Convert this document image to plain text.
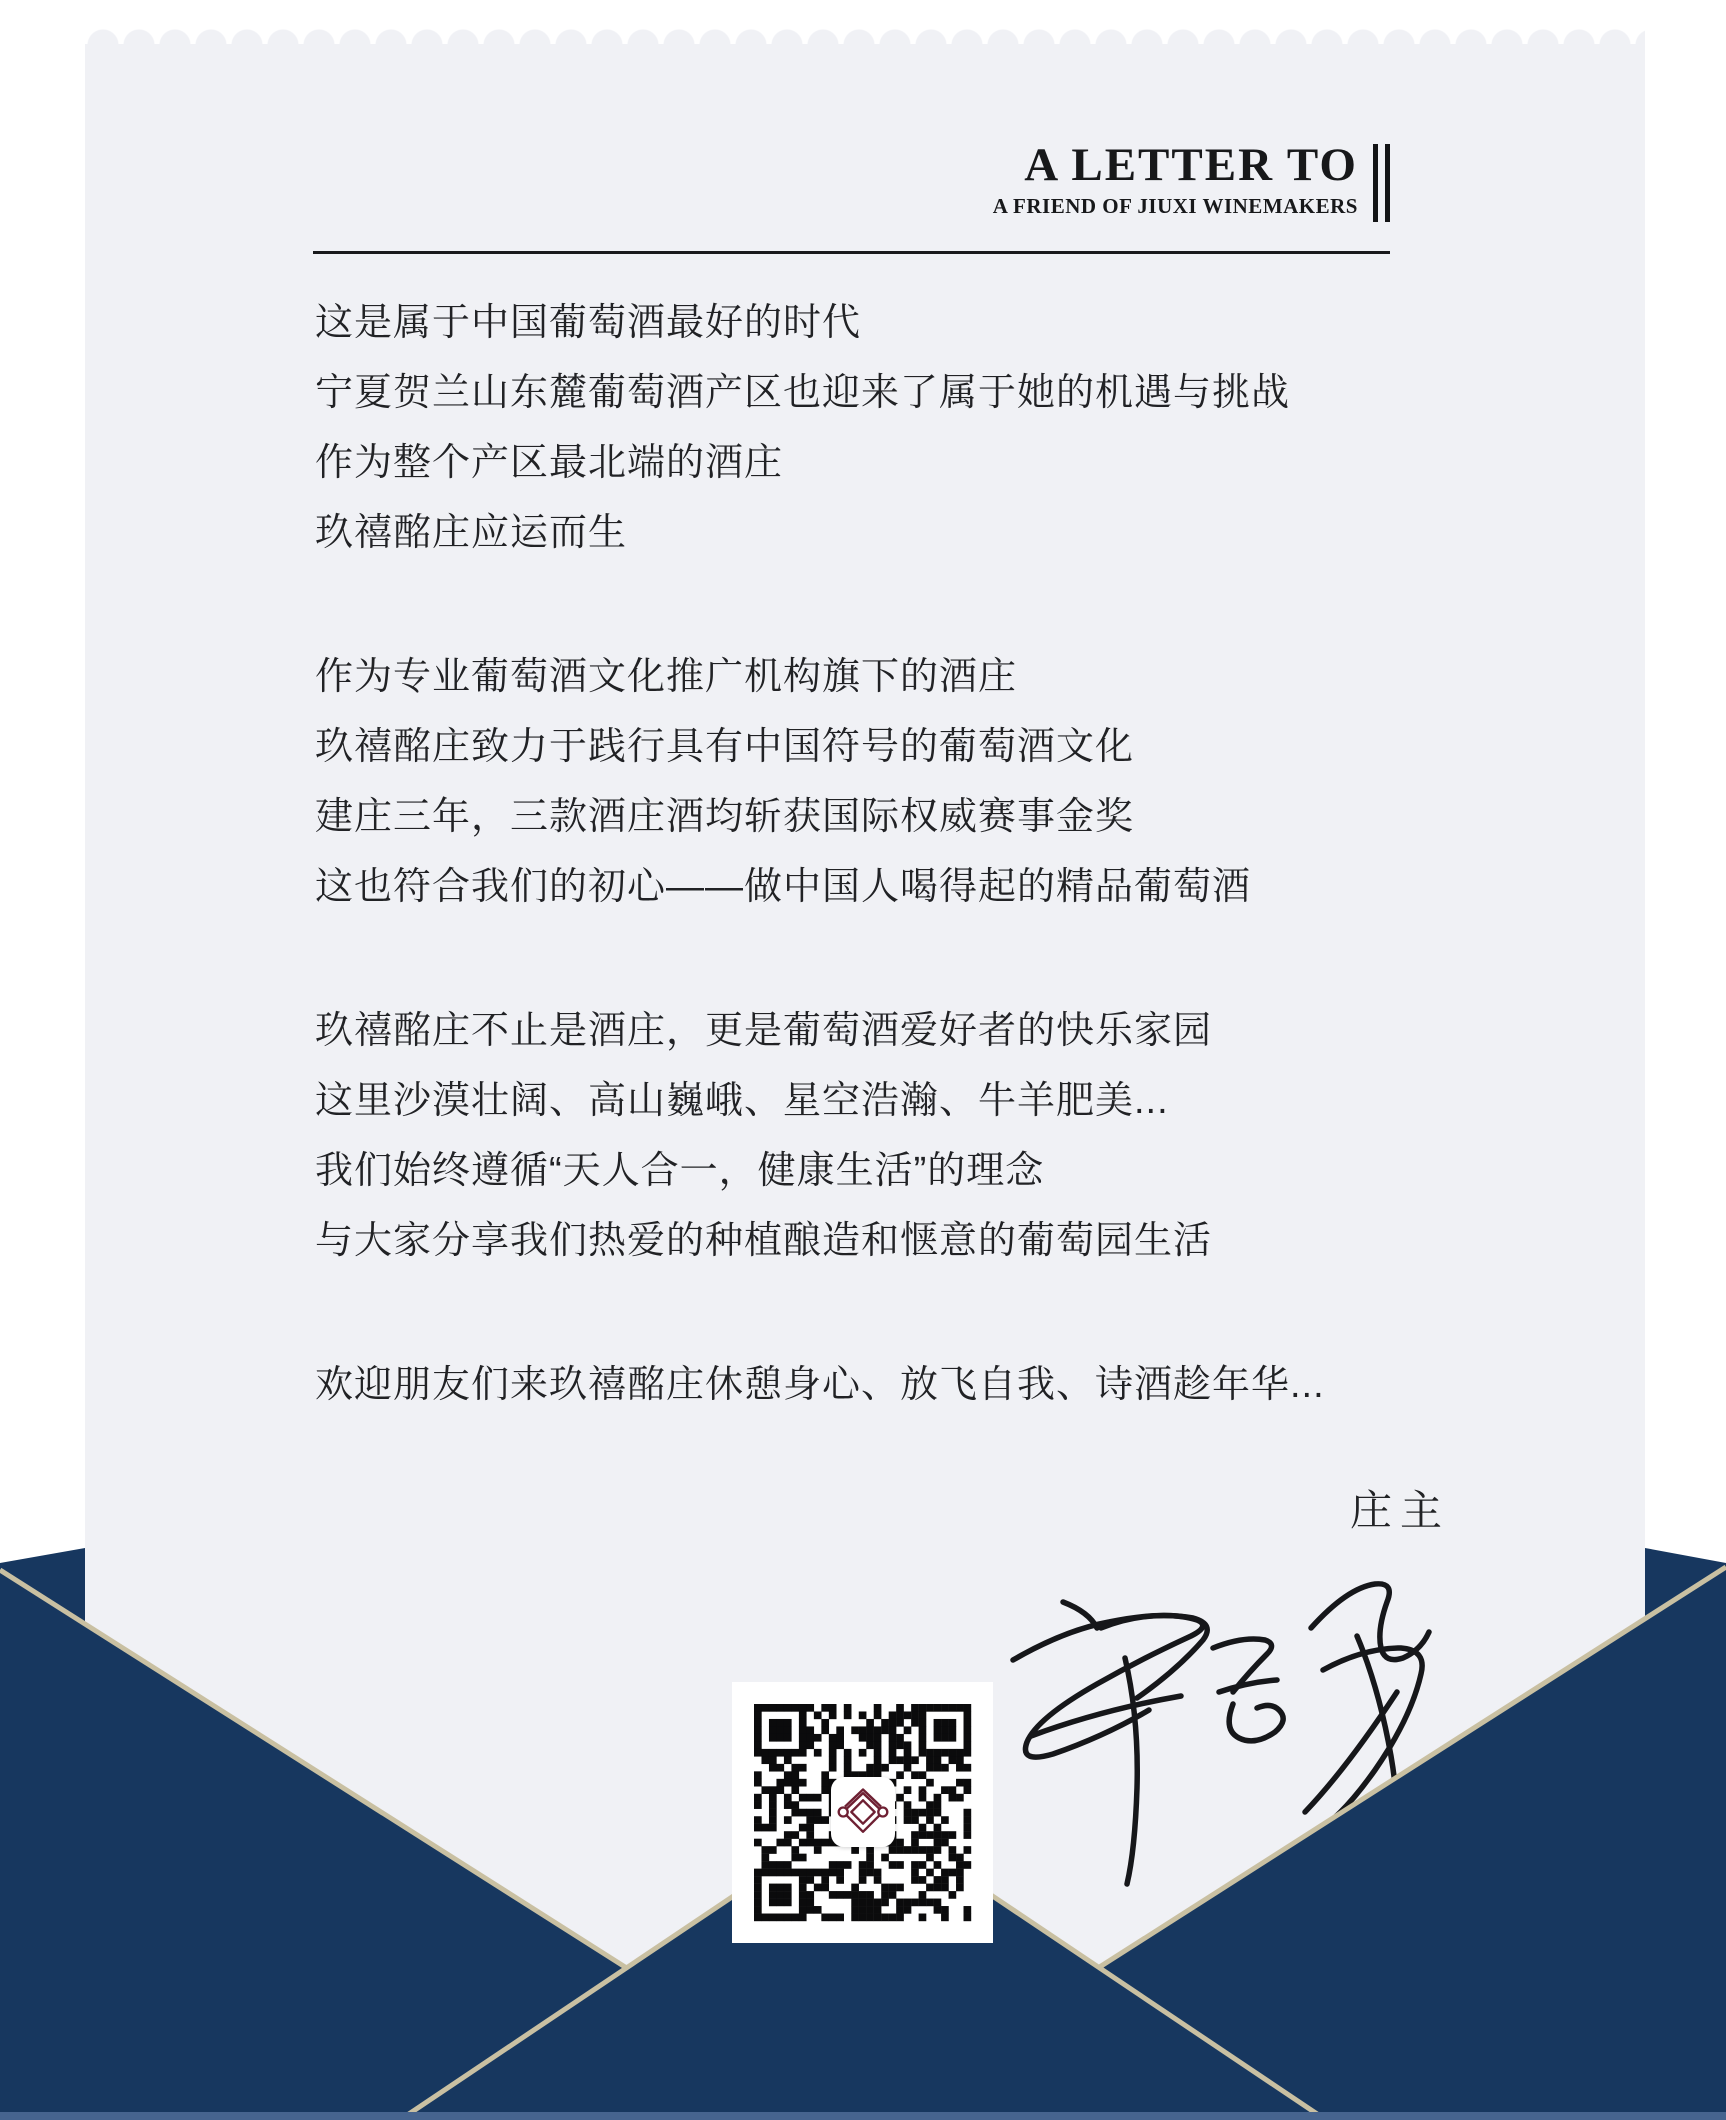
A LETTER TO
A FRIEND OF JIUXI WINEMAKERS

这是属于中国葡萄酒最好的时代
宁夏贺兰山东麓葡萄酒产区也迎来了属于她的机遇与挑战
作为整个产区最北端的酒庄
玖禧酩庄应运而生

作为专业葡萄酒文化推广机构旗下的酒庄
玖禧酩庄致力于践行具有中国符号的葡萄酒文化
建庄三年，三款酒庄酒均斩获国际权威赛事金奖
这也符合我们的初心——做中国人喝得起的精品葡萄酒

玖禧酩庄不止是酒庄，更是葡萄酒爱好者的快乐家园
这里沙漠壮阔、高山巍峨、星空浩瀚、牛羊肥美...
我们始终遵循“天人合一，健康生活”的理念
与大家分享我们热爱的种植酿造和惬意的葡萄园生活

欢迎朋友们来玖禧酩庄休憩身心、放飞自我、诗酒趁年华...

庄主
